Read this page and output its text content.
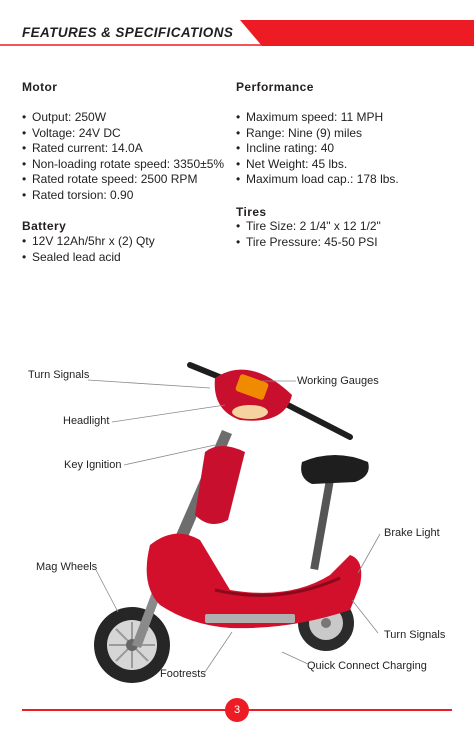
FEATURES & SPECIFICATIONS
Motor
• Output: 250W
• Voltage: 24V DC
• Rated current: 14.0A
• Non-loading rotate speed: 3350±5%
• Rated rotate speed: 2500 RPM
• Rated torsion: 0.90
Battery
• 12V 12Ah/5hr x (2) Qty
• Sealed lead acid
Performance
• Maximum speed: 11 MPH
• Range: Nine (9) miles
• Incline rating: 40
• Net Weight: 45 lbs.
• Maximum load cap.: 178 lbs.
Tires
• Tire Size: 2 1/4" x 12 1/2"
• Tire Pressure: 45-50 PSI
Turn Signals	Working Gauges
Headlight
Key Ignition
Brake Light
Mag Wheels
Turn Signals
Footrests
Quick Connect Charging
3
